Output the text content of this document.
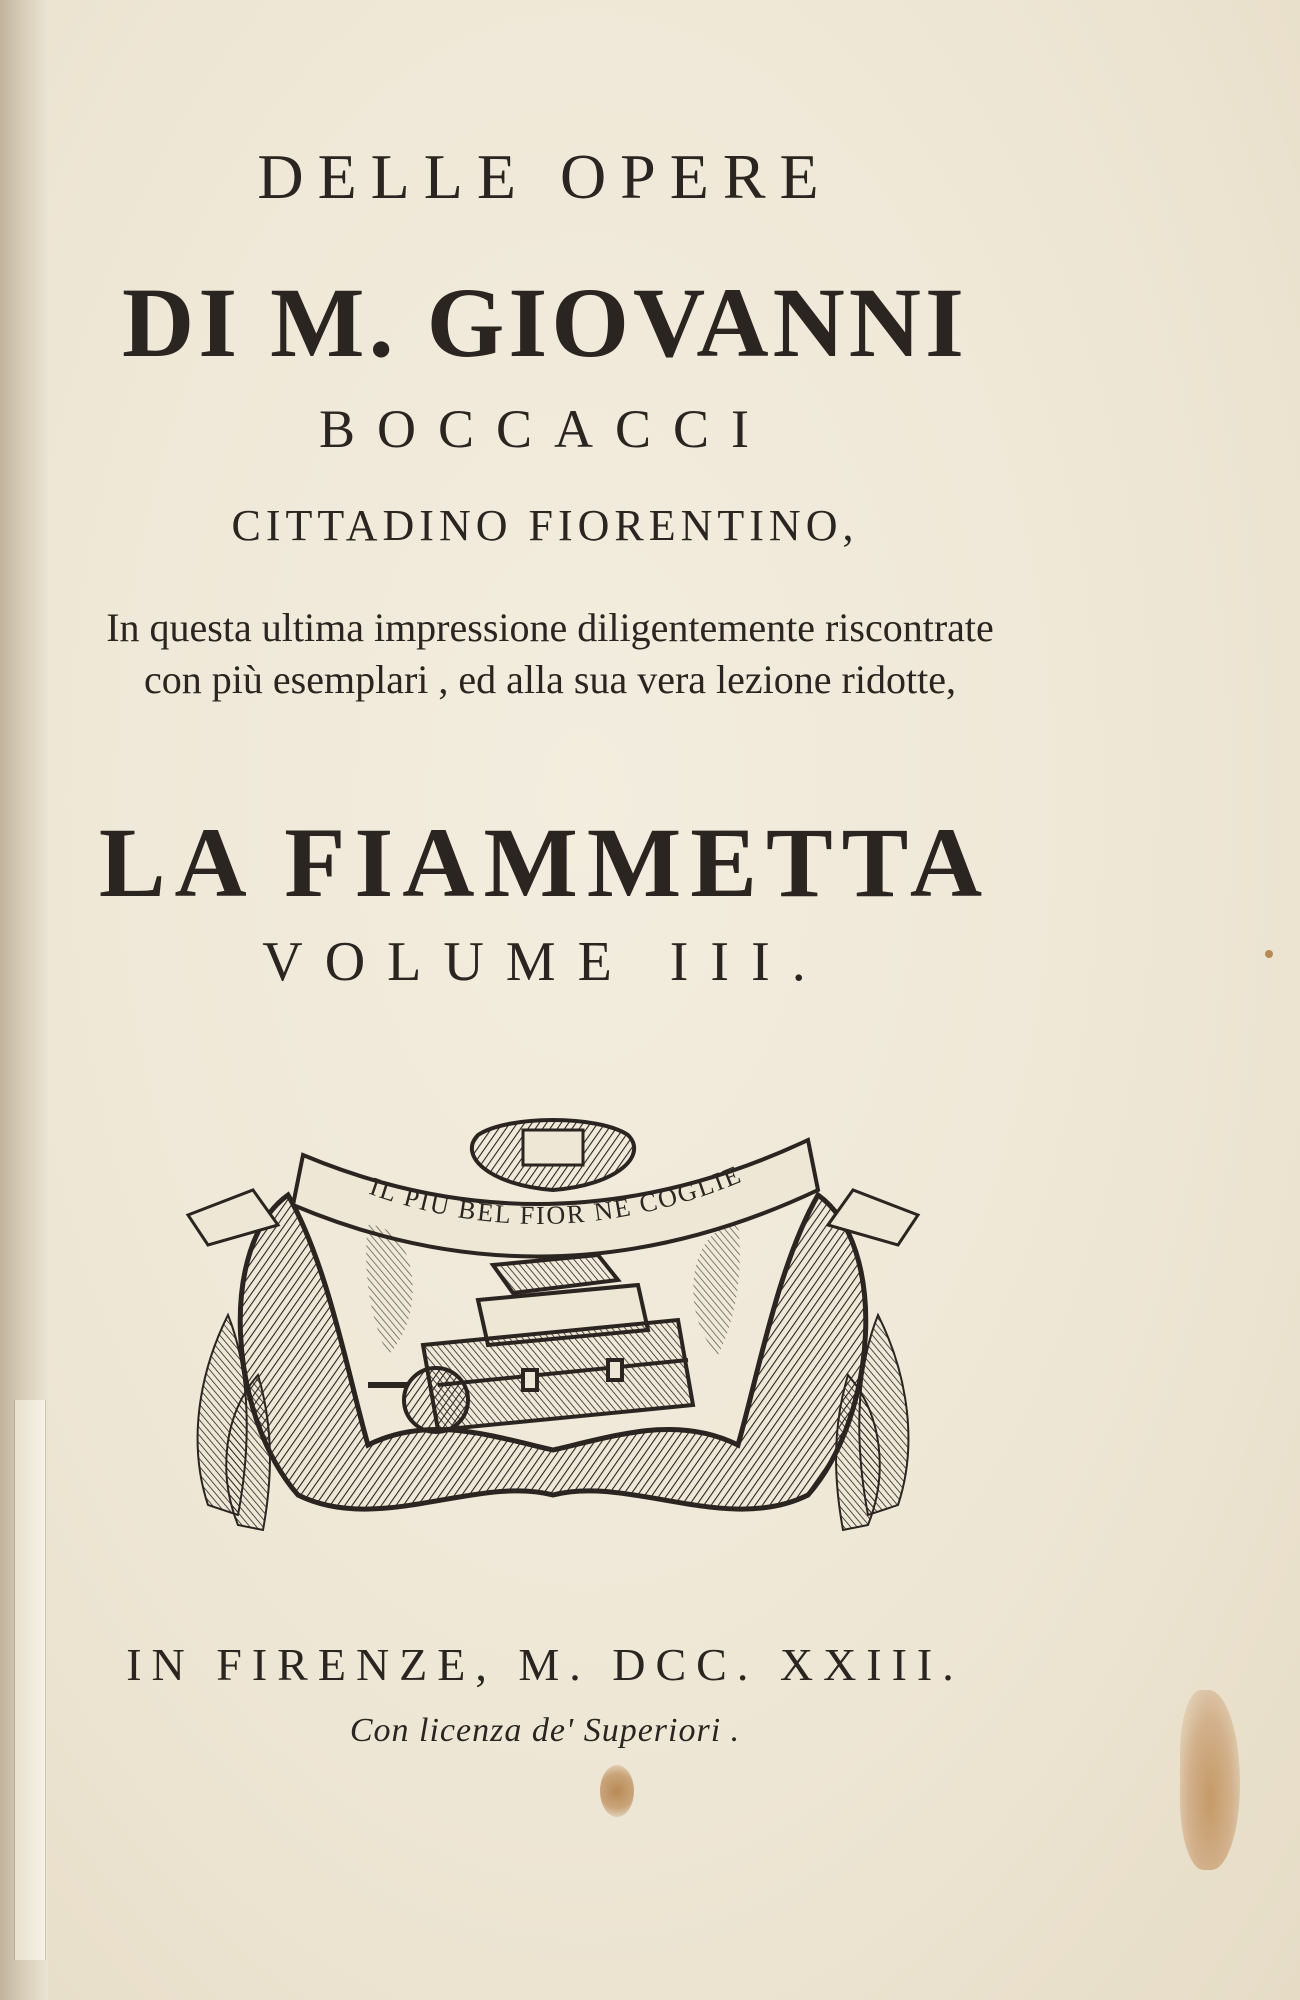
DELLE OPERE
DI M. GIOVANNI
BOCCACCI
CITTADINO FIORENTINO,
In questa ultima impressione diligentemente riscontrate con più esemplari , ed alla sua vera lezione ridotte,
LA FIAMMETTA
VOLUME III.
IL PIU BEL FIOR NE COGLIE
IN FIRENZE, M. DCC. XXIII.
Con licenza de' Superiori .
